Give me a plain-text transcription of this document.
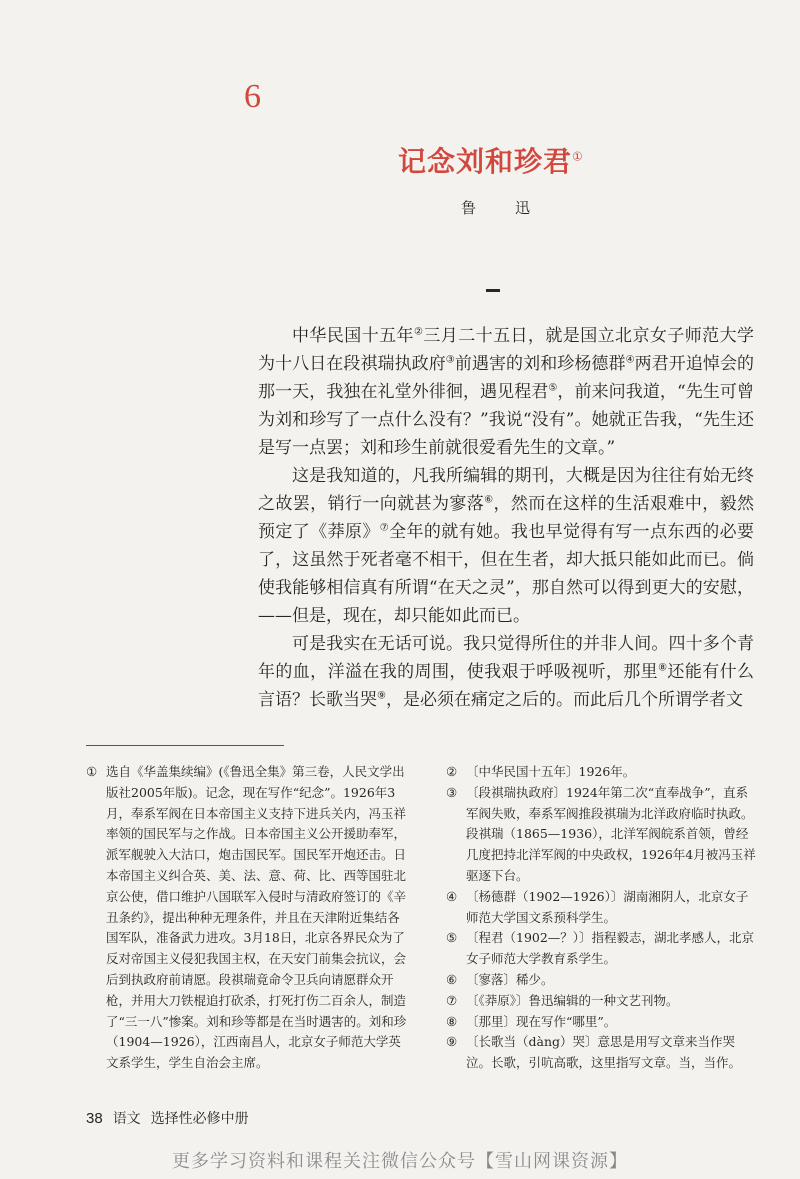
6
记念刘和珍君①
鲁　迅

中华民国十五年②三月二十五日，就是国立北京女子师范大学为十八日在段祺瑞执政府③前遇害的刘和珍杨德群④两君开追悼会的那一天，我独在礼堂外徘徊，遇见程君⑤，前来问我道，“先生可曾为刘和珍写了一点什么没有？”我说“没有”。她就正告我，“先生还是写一点罢；刘和珍生前就很爱看先生的文章。”

这是我知道的，凡我所编辑的期刊，大概是因为往往有始无终之故罢，销行一向就甚为寥落⑥，然而在这样的生活艰难中，毅然预定了《莽原》⑦全年的就有她。我也早觉得有写一点东西的必要了，这虽然于死者毫不相干，但在生者，却大抵只能如此而已。倘使我能够相信真有所谓“在天之灵”，那自然可以得到更大的安慰，——但是，现在，却只能如此而已。

可是我实在无话可说。我只觉得所住的并非人间。四十多个青年的血，洋溢在我的周围，使我艰于呼吸视听，那里⑧还能有什么言语？长歌当哭⑨，是必须在痛定之后的。而此后几个所谓学者文

① 选自《华盖集续编》(《鲁迅全集》第三卷，人民文学出版社2005年版)。记念，现在写作“纪念”。1926年3月，奉系军阀在日本帝国主义支持下进兵关内，冯玉祥率领的国民军与之作战。日本帝国主义公开援助奉军，派军舰驶入大沽口，炮击国民军。国民军开炮还击。日本帝国主义纠合英、美、法、意、荷、比、西等国驻北京公使，借口维护八国联军入侵时与清政府签订的《辛丑条约》，提出种种无理条件，并且在天津附近集结各国军队，准备武力进攻。3月18日，北京各界民众为了反对帝国主义侵犯我国主权，在天安门前集会抗议，会后到执政府前请愿。段祺瑞竟命令卫兵向请愿群众开枪，并用大刀铁棍追打砍杀，打死打伤二百余人，制造了“三一八”惨案。刘和珍等都是在当时遇害的。刘和珍（1904—1926），江西南昌人，北京女子师范大学英文系学生，学生自治会主席。
② 〔中华民国十五年〕1926年。
③ 〔段祺瑞执政府〕1924年第二次“直奉战争”，直系军阀失败，奉系军阀推段祺瑞为北洋政府临时执政。段祺瑞（1865—1936），北洋军阀皖系首领，曾经几度把持北洋军阀的中央政权，1926年4月被冯玉祥驱逐下台。
④ 〔杨德群（1902—1926）〕湖南湘阴人，北京女子师范大学国文系预科学生。
⑤ 〔程君（1902—？）〕指程毅志，湖北孝感人，北京女子师范大学教育系学生。
⑥ 〔寥落〕稀少。
⑦ 〔《莽原》〕鲁迅编辑的一种文艺刊物。
⑧ 〔那里〕现在写作“哪里”。
⑨ 〔长歌当（dàng）哭〕意思是用写文章来当作哭泣。长歌，引吭高歌，这里指写文章。当，当作。
38 语文 选择性必修中册
更多学习资料和课程关注微信公众号【雪山网课资源】
